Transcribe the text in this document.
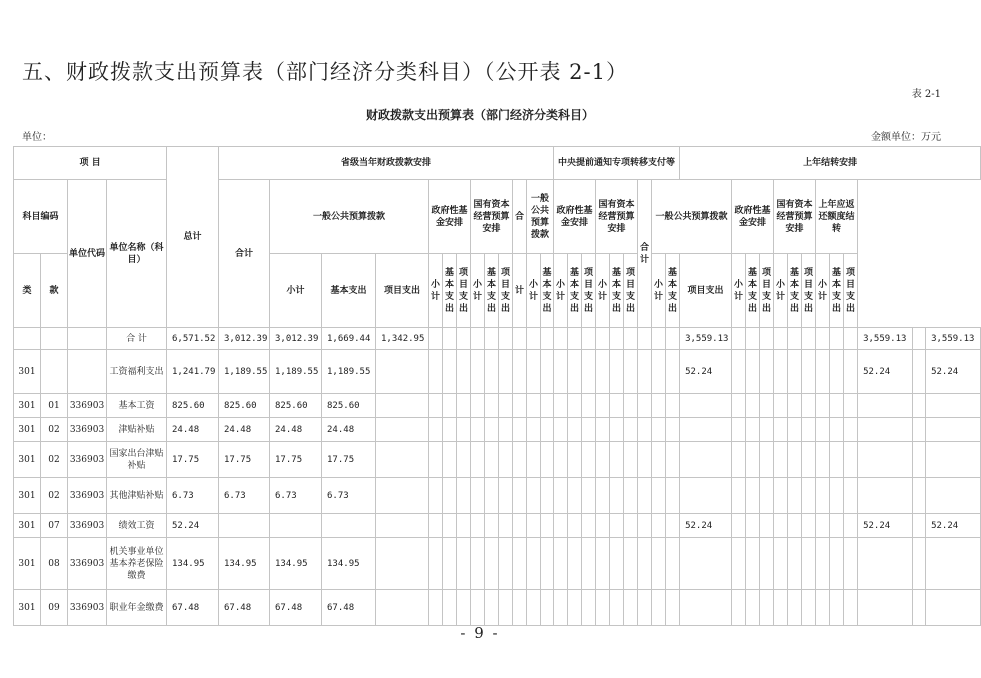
五、财政拨款支出预算表（部门经济分类科目）（公开表 2-1）
表 2-1
财政拨款支出预算表（部门经济分类科目）
单位：	金额单位：万元
项 目				总计	省级当年财政拨款安排													中央提前通知专项转移支付等									上年结转安排												
科目编码		单位代码	单位名称（科目）		合计	一般公共预算拨款			政府性基金安排			国有资本经营预算安排			合	一般公共预算拨款		政府性基金安排			国有资本经营预算安排			合计	一般公共预算拨款			政府性基金安排			国有资本经营预算安排			上年应返还额度结转					
类	款					小计	基本支出	项目支出	小计	基本支出	项目支出	小计	基本支出	项目支出	计	小计	基本支出	小计	基本支出	项目支出	小计	基本支出	项目支出		小计	基本支出	项目支出	小计	基本支出	项目支出	小计	基本支出	项目支出	小计	基本支出	项目支出			
			合 计	6,571.52	3,012.39	3,012.39	1,669.44	1,342.95																			3,559.13										3,559.13		3,559.13
301			工资福利支出	1,241.79	1,189.55	1,189.55	1,189.55																				52.24										52.24		52.24
301	01	336903	基本工资	825.60	825.60	825.60	825.60																																
301	02	336903	津贴补贴	24.48	24.48	24.48	24.48																																
301	02	336903	国家出台津贴补贴	17.75	17.75	17.75	17.75																																
301	02	336903	其他津贴补贴	6.73	6.73	6.73	6.73																																
301	07	336903	绩效工资	52.24																							52.24										52.24		52.24
301	08	336903	机关事业单位基本养老保险缴费	134.95	134.95	134.95	134.95																																
301	09	336903	职业年金缴费	67.48	67.48	67.48	67.48																																
- 9 -
